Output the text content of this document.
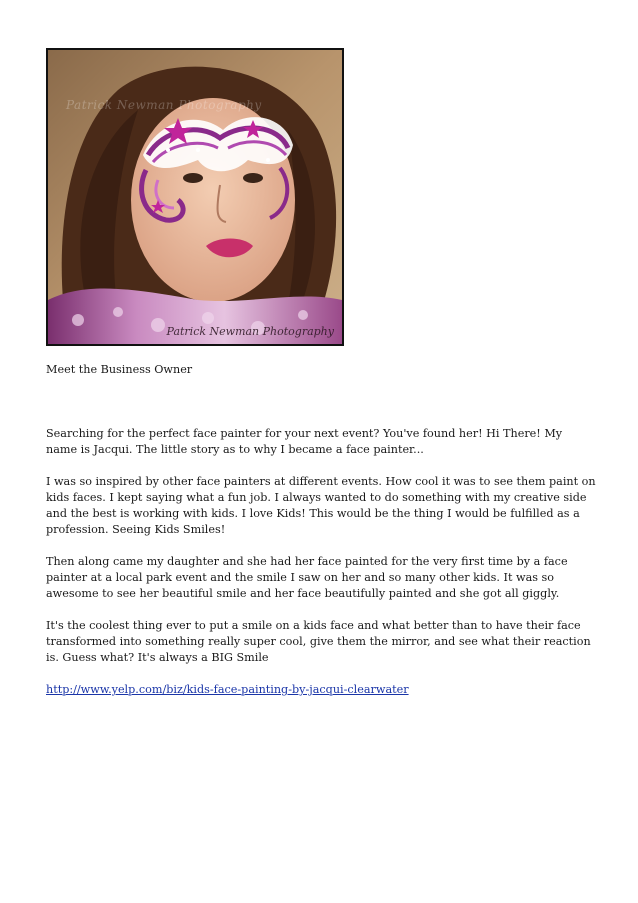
Patrick Newman Photography
Patrick Newman Photography

Meet the Business Owner

Searching for the perfect face painter for your next event? You've found her! Hi There! My name is Jacqui. The little story as to why I became a face painter...

I was so inspired by other face painters at different events. How cool it was to see them paint on kids faces. I kept saying what a fun job. I always wanted to do something with my creative side and the best is working with kids. I love Kids! This would be the thing I would be fulfilled as a profession. Seeing Kids Smiles!

Then along came my daughter and she had her face painted for the very first time by a face painter at a local park event and the smile I saw on her and so many other kids. It was so awesome to see her beautiful smile and her face beautifully painted and she got all giggly.

It's the coolest thing ever to put a smile on a kids face and what better than to have their face transformed into something really super cool, give them the mirror, and see what their reaction is. Guess what? It's always a BIG Smile

http://www.yelp.com/biz/kids-face-painting-by-jacqui-clearwater
